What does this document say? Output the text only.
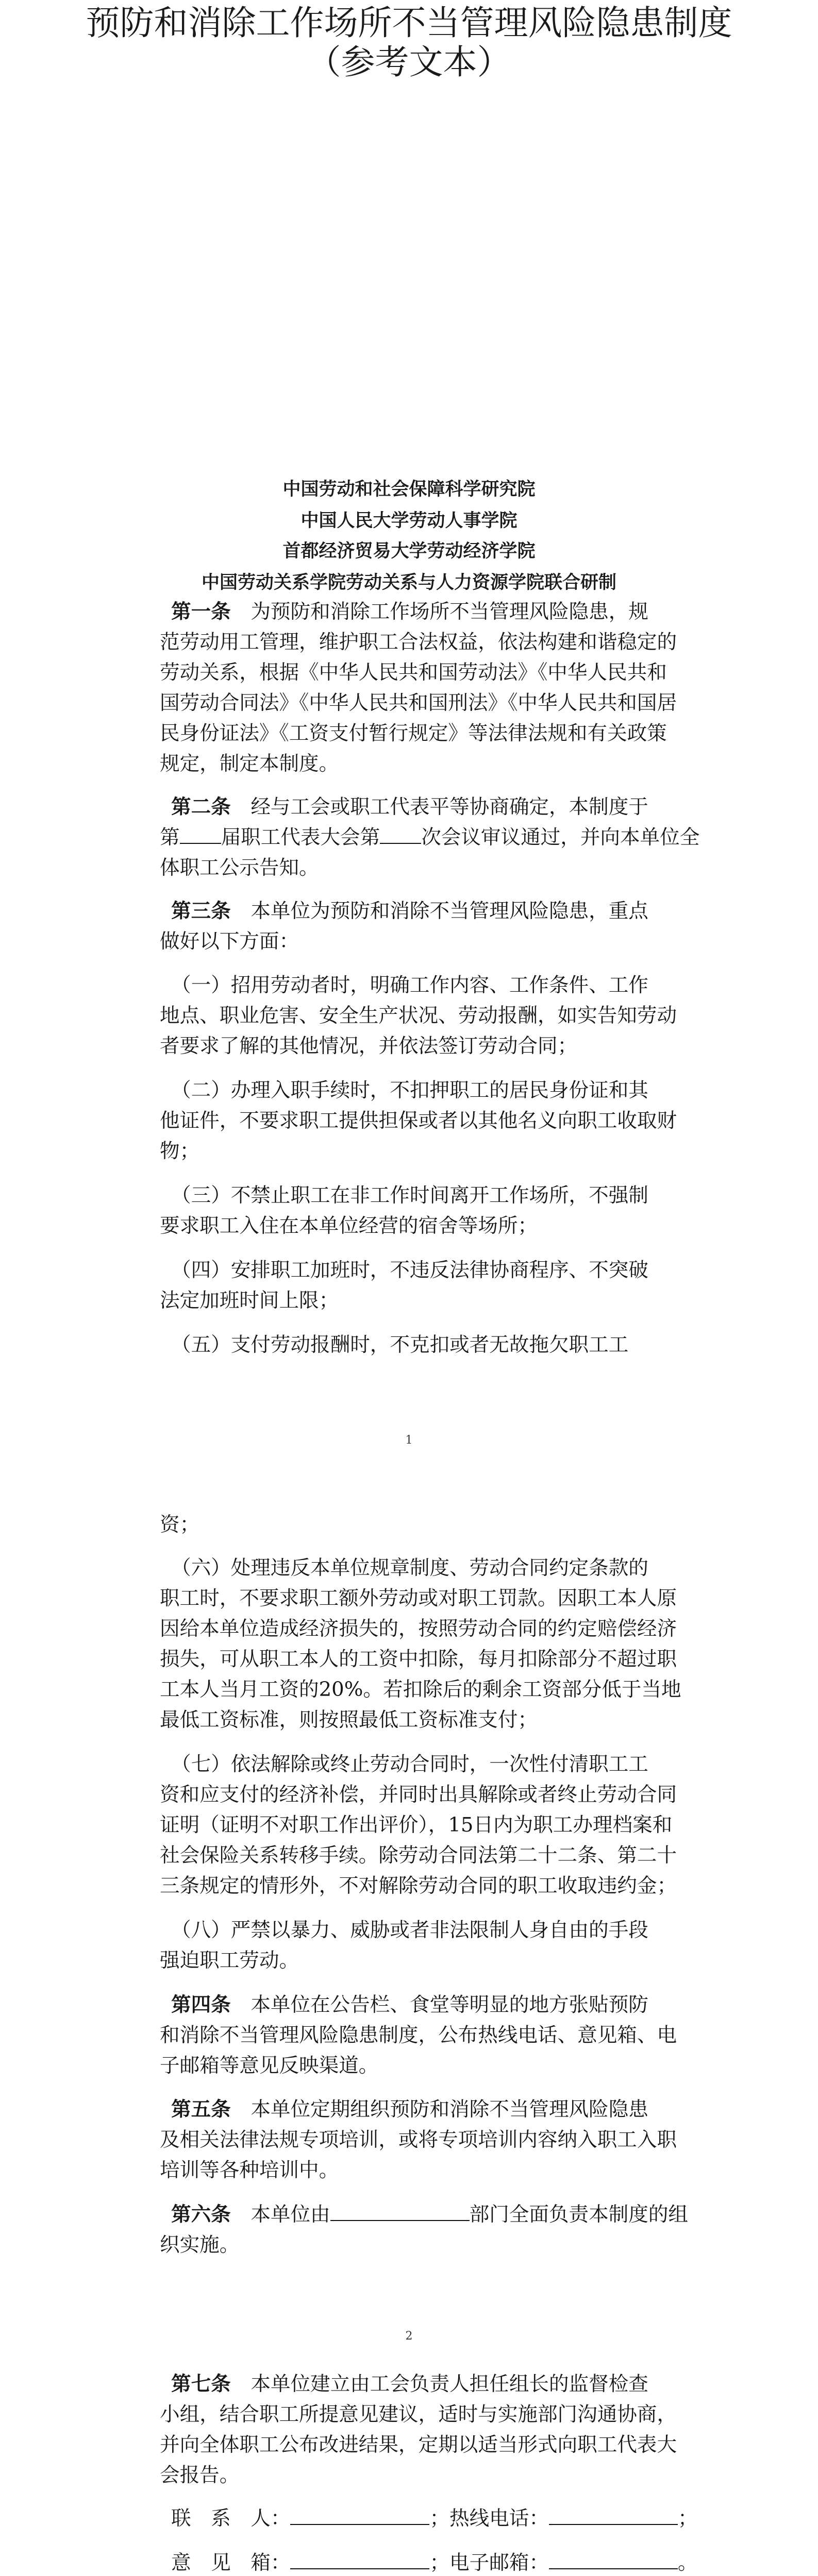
预防和消除工作场所不当管理风险隐患制度
（参考文本）
中国劳动和社会保障科学研究院
中国人民大学劳动人事学院
首都经济贸易大学劳动经济学院
中国劳动关系学院劳动关系与人力资源学院联合研制
第一条　 为预防和消除工作场所不当管理风险隐患，规
范劳动用工管理，维护职工合法权益，依法构建和谐稳定的
劳动关系，根据《中华人民共和国劳动法》《中华人民共和
国劳动合同法》《中华人民共和国刑法》《中华人民共和国居
民身份证法》《工资支付暂行规定》等法律法规和有关政策
规定，制定本制度。
第二条　 经与工会或职工代表平等协商确定，本制度于
第 届职工代表大会第 次会议审议通过，并向本单位全
体职工公示告知。
第三条　 本单位为预防和消除不当管理风险隐患，重点
做好以下方面：
（一）招用劳动者时，明确工作内容、工作条件、工作
地点、职业危害、安全生产状况、劳动报酬，如实告知劳动
者要求了解的其他情况，并依法签订劳动合同；
（二）办理入职手续时，不扣押职工的居民身份证和其
他证件，不要求职工提供担保或者以其他名义向职工收取财
物；
（三）不禁止职工在非工作时间离开工作场所，不强制
要求职工入住在本单位经营的宿舍等场所；
（四）安排职工加班时，不违反法律协商程序、不突破
法定加班时间上限；
（五）支付劳动报酬时，不克扣或者无故拖欠职工工
1
资；
（六）处理违反本单位规章制度、劳动合同约定条款的
职工时，不要求职工额外劳动或对职工罚款。因职工本人原
因给本单位造成经济损失的，按照劳动合同的约定赔偿经济
损失，可从职工本人的工资中扣除，每月扣除部分不超过职
工本人当月工资的20%。若扣除后的剩余工资部分低于当地
最低工资标准，则按照最低工资标准支付；
（七）依法解除或终止劳动合同时，一次性付清职工工
资和应支付的经济补偿，并同时出具解除或者终止劳动合同
证明（证明不对职工作出评价），15日内为职工办理档案和
社会保险关系转移手续。除劳动合同法第二十二条、第二十
三条规定的情形外，不对解除劳动合同的职工收取违约金；
（八）严禁以暴力、威胁或者非法限制人身自由的手段
强迫职工劳动。
第四条　 本单位在公告栏、食堂等明显的地方张贴预防
和消除不当管理风险隐患制度，公布热线电话、意见箱、电
子邮箱等意见反映渠道。
第五条　 本单位定期组织预防和消除不当管理风险隐患
及相关法律法规专项培训，或将专项培训内容纳入职工入职
培训等各种培训中。
第六条　 本单位由	部门全面负责本制度的组
织实施。
2
第七条　 本单位建立由工会负责人担任组长的监督检查
小组，结合职工所提意见建议，适时与实施部门沟通协商，
并向全体职工公布改进结果，定期以适当形式向职工代表大
会报告。
联　系　人：	；热线电话：	；
意　见　箱：	；电子邮箱：	。
